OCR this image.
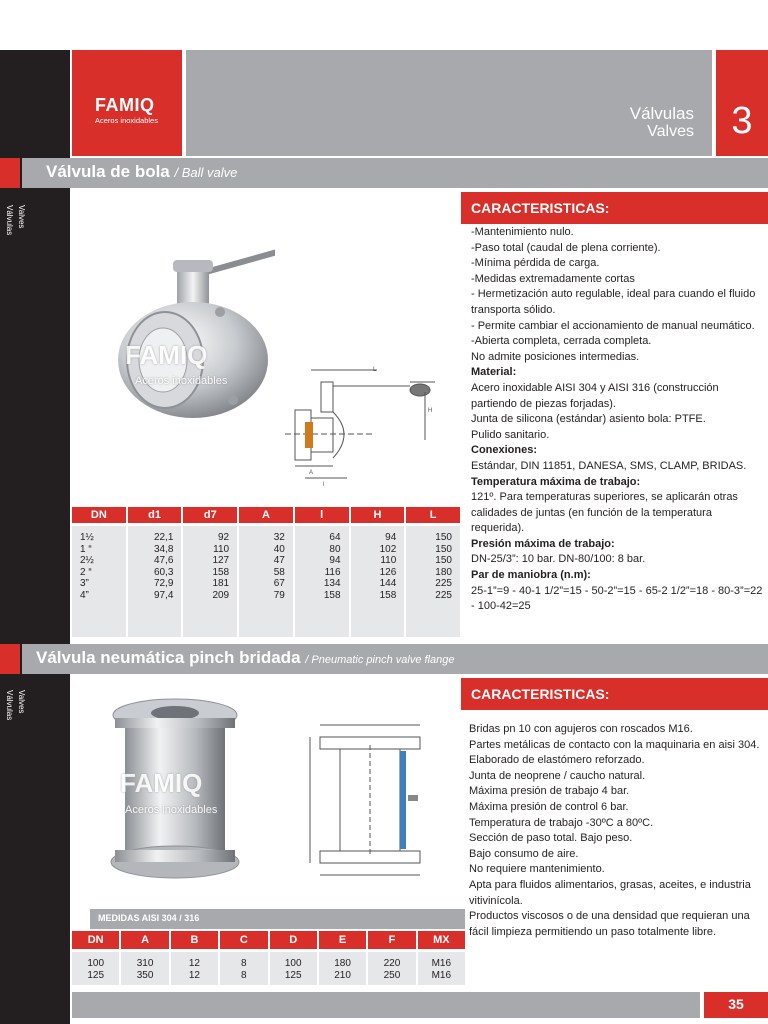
FAMIQ
Aceros inoxidables	Válvulas
Valves 3
Válvula de bola / Ball valve
Válvulas Valves
FAMIQ
Aceros inoxidables
L
H
A
l
CARACTERISTICAS:
-Mantenimiento nulo.
-Paso total (caudal de plena corriente).
-Mínima pérdida de carga.
-Medidas extremadamente cortas
- Hermetización auto regulable, ideal para cuando el fluido transporta sólido.
- Permite cambiar el accionamiento de manual neumático.
-Abierta completa, cerrada completa.
No admite posiciones intermedias.
Material:
Acero inoxidable AISI 304 y AISI 316 (construcción partiendo de piezas forjadas).
Junta de silicona (estándar) asiento bola: PTFE.
Pulido sanitario.
Conexiones:
Estándar, DIN 11851, DANESA, SMS, CLAMP, BRIDAS.
Temperatura máxima de trabajo:
121º. Para temperaturas superiores, se aplicarán otras calidades de juntas (en función de la temperatura requerida).
Presión máxima de trabajo:
DN-25/3”: 10 bar. DN-80/100: 8 bar.
Par de maniobra (n.m):
25-1”=9 - 40-1 1/2”=15 - 50-2”=15 - 65-2 1/2”=18 - 80-3”=22 - 100-42=25
DN
1½
1 “
2½
2 “
3”
4”
d1
22,1
34,8
47,6
60,3
72,9
97,4
d7
92
110
127
158
181
209
A
32
40
47
58
67
79
l
64
80
94
116
134
158
H
94
102
110
126
144
158
L
150
150
150
180
225
225
Válvula neumática pinch bridada / Pneumatic pinch valve flange
Válvulas Valves
FAMIQ
Aceros inoxidables
CARACTERISTICAS:
Bridas pn 10 con agujeros con roscados M16.
Partes metálicas de contacto con la maquinaria en aisi 304.
Elaborado de elastómero reforzado.
Junta de neoprene / caucho natural.
Máxima presión de trabajo 4 bar.
Máxima presión de control 6 bar.
Temperatura de trabajo -30ºC a 80ºC.
Sección de paso total. Bajo peso.
Bajo consumo de aire.
No requiere mantenimiento.
Apta para fluidos alimentarios, grasas, aceites, e industria vitivinícola.
Productos viscosos o de una densidad que requieran una fácil limpieza permitiendo un paso totalmente libre.
MEDIDAS AISI 304 / 316
DN
100
125
A
310
350
B
12
12
C
8
8
D
100
125
E
180
210
F
220
250
MX
M16
M16
35
